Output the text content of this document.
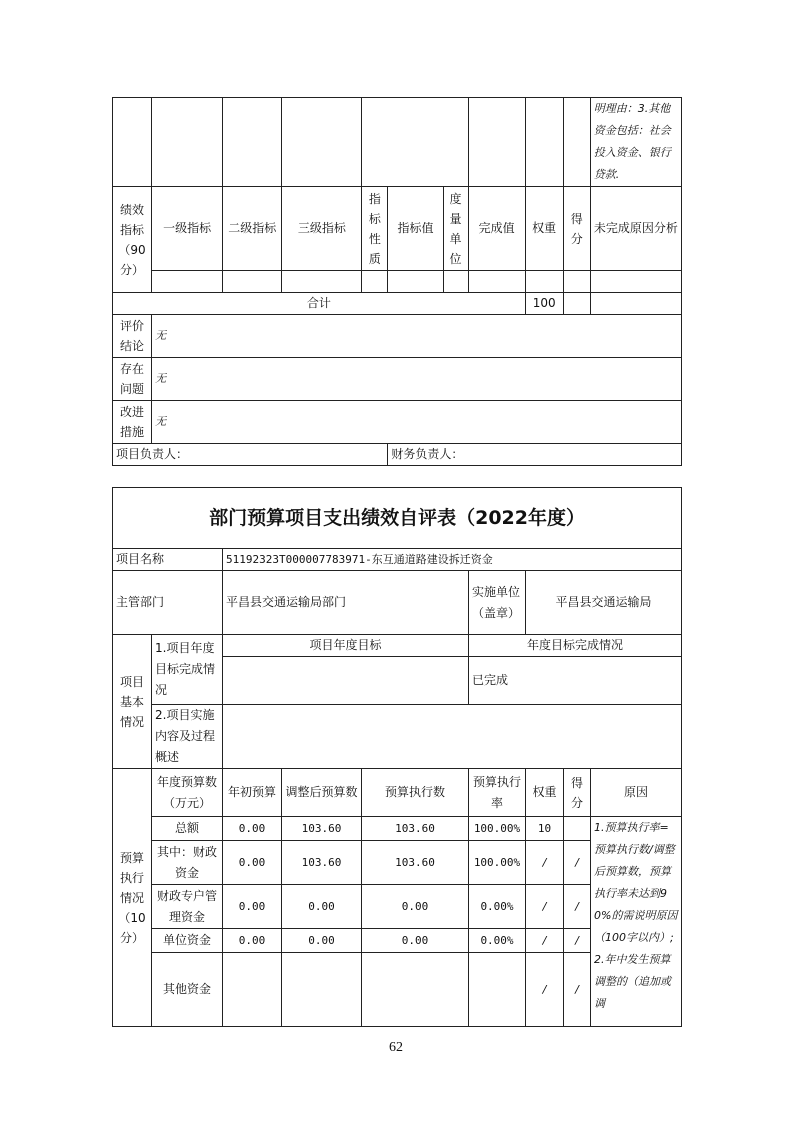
										明理由：3.其他资金包括：社会投入资金、银行贷款.
绩效指标（90分）	一级指标	二级指标	三级指标	指标性质	指标值	度量单位	完成值	权重	得分	未完成原因分析

合计								100		
评价结论	无									
存在问题	无									
改进措施	无									
项目负责人：					财务负责人：					
部门预算项目支出绩效自评表（2022年度）								
项目名称		51192323T000007783971-东互通道路建设拆迁资金						
主管部门		平昌县交通运输局部门			实施单位（盖章）	平昌县交通运输局		
项目基本情况	1.项目年度目标完成情况	项目年度目标			年度目标完成情况			
					已完成			
	2.项目实施内容及过程概述							
预算执行情况（10分）	年度预算数（万元）	年初预算	调整后预算数	预算执行数	预算执行率	权重	得分	原因
	总额	0.00	103.60	103.60	100.00%	10		1.预算执行率=预算执行数/调整后预算数，预算执行率未达到90%的需说明原因（100字以内）;2.年中发生预算调整的（追加或调
	其中：财政资金	0.00	103.60	103.60	100.00%	/	/	
	财政专户管理资金	0.00	0.00	0.00	0.00%	/	/	
	单位资金	0.00	0.00	0.00	0.00%	/	/	
	其他资金					/	/	
62
